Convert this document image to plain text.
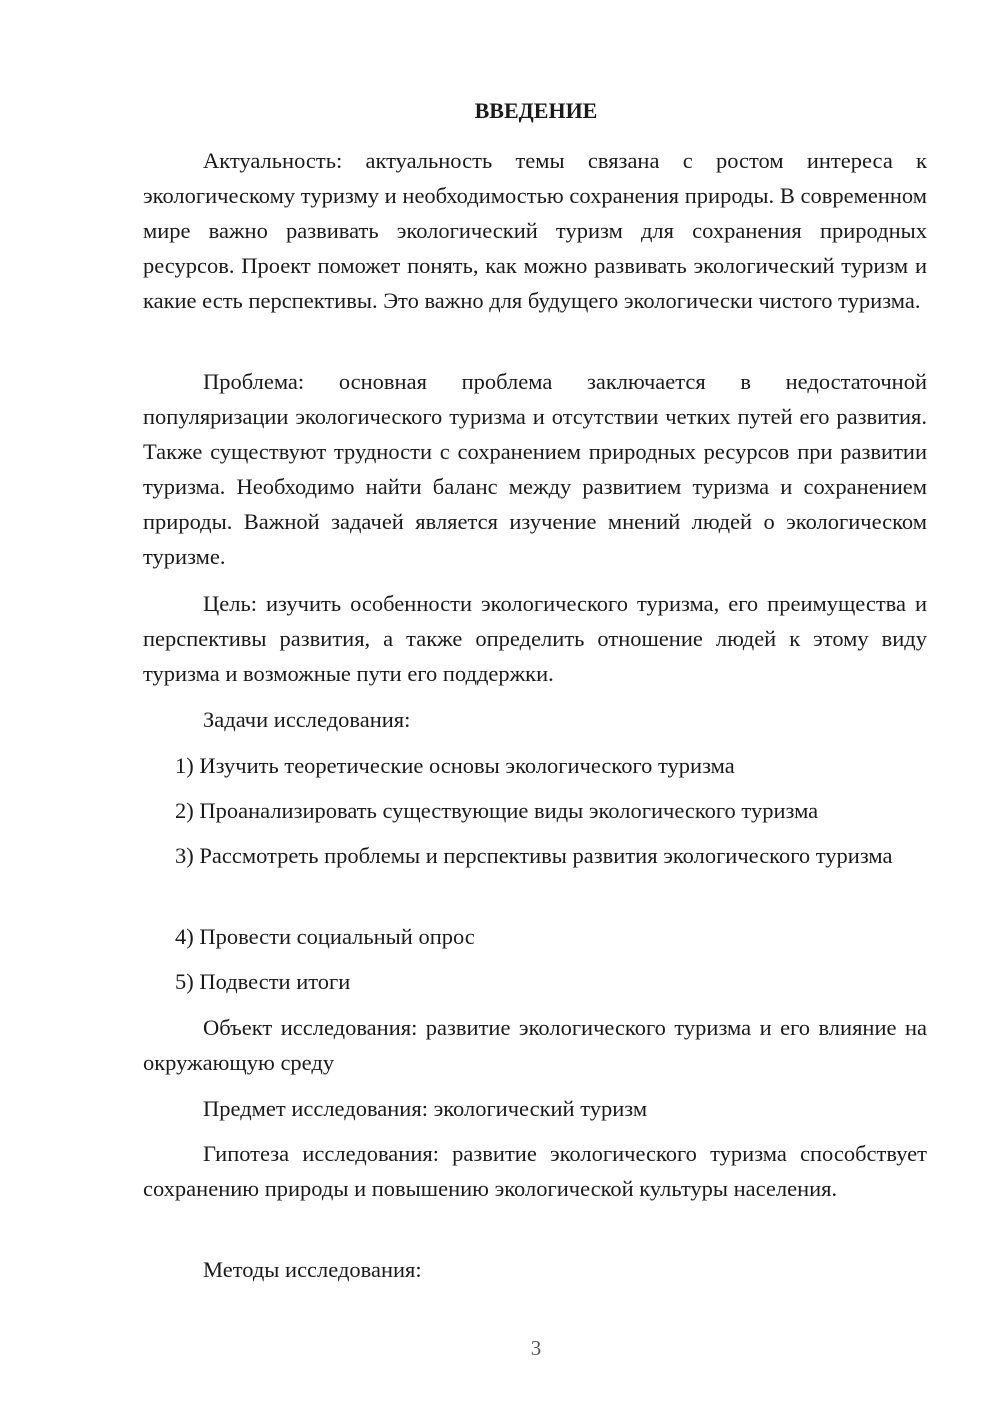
ВВЕДЕНИЕ

Актуальность: актуальность темы связана с ростом интереса к экологическому туризму и необходимостью сохранения природы. В современном мире важно развивать экологический туризм для сохранения природных ресурсов. Проект поможет понять, как можно развивать экологический туризм и какие есть перспективы. Это важно для будущего экологически чистого туризма.

Проблема: основная проблема заключается в недостаточной популяризации экологического туризма и отсутствии четких путей его развития. Также существуют трудности с сохранением природных ресурсов при развитии туризма. Необходимо найти баланс между развитием туризма и сохранением природы. Важной задачей является изучение мнений людей о экологическом туризме.

Цель: изучить особенности экологического туризма, его преимущества и перспективы развития, а также определить отношение людей к этому виду туризма и возможные пути его поддержки.

Задачи исследования:

1) Изучить теоретические основы экологического туризма

2) Проанализировать существующие виды экологического туризма

3) Рассмотреть проблемы и перспективы развития экологического туризма

4) Провести социальный опрос

5) Подвести итоги

Объект исследования: развитие экологического туризма и его влияние на окружающую среду

Предмет исследования: экологический туризм

Гипотеза исследования: развитие экологического туризма способствует сохранению природы и повышению экологической культуры населения.

Методы исследования:

3
